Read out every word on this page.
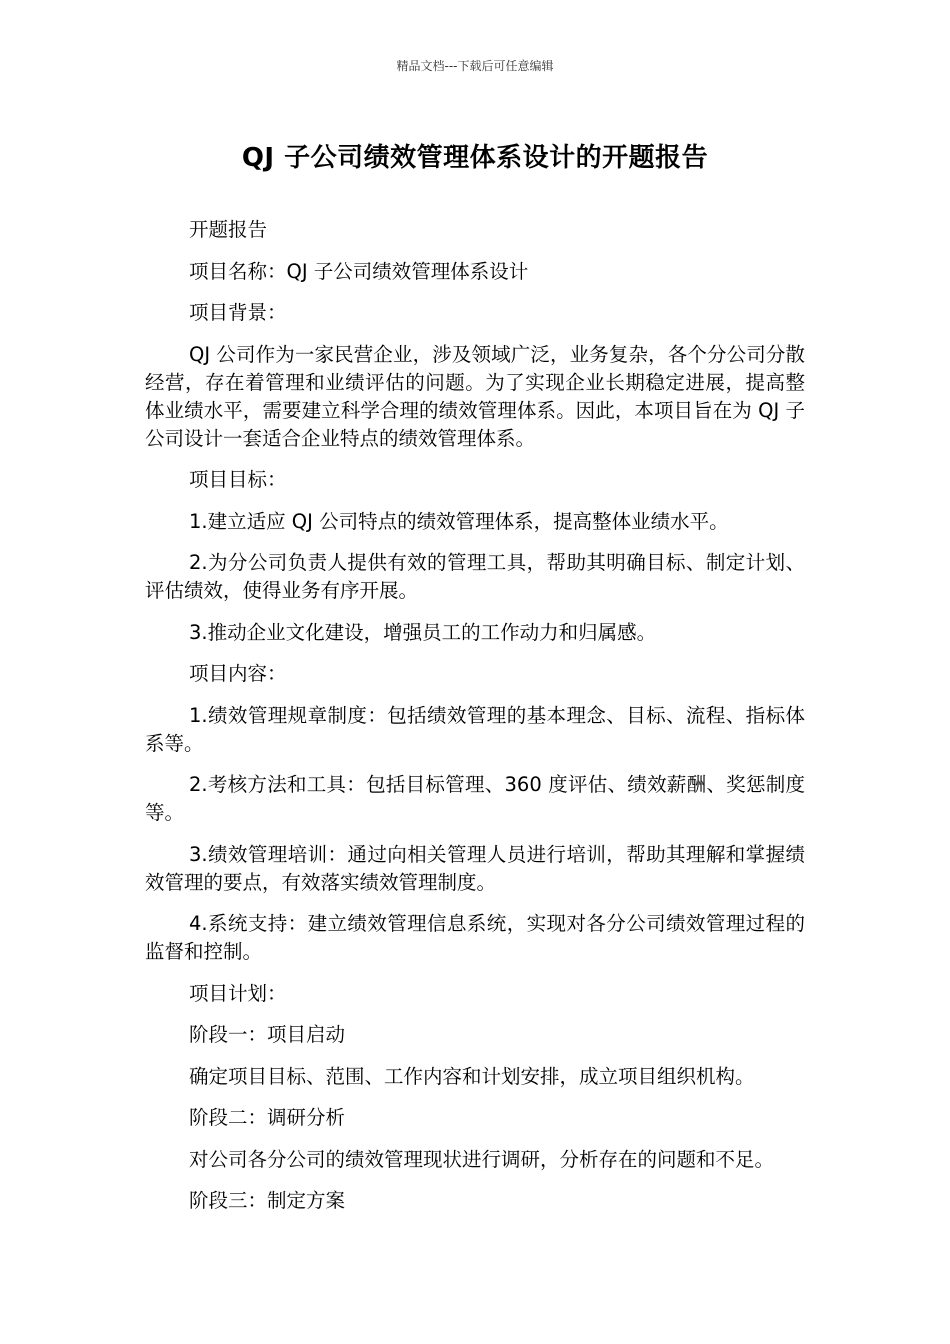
精品文档---下载后可任意编辑
QJ 子公司绩效管理体系设计的开题报告

开题报告

项目名称：QJ 子公司绩效管理体系设计

项目背景：

QJ 公司作为一家民营企业，涉及领域广泛，业务复杂，各个分公司分散经营，存在着管理和业绩评估的问题。为了实现企业长期稳定进展，提高整体业绩水平，需要建立科学合理的绩效管理体系。因此，本项目旨在为 QJ 子公司设计一套适合企业特点的绩效管理体系。

项目目标：

1.建立适应 QJ 公司特点的绩效管理体系，提高整体业绩水平。

2.为分公司负责人提供有效的管理工具，帮助其明确目标、制定计划、评估绩效，使得业务有序开展。

3.推动企业文化建设，增强员工的工作动力和归属感。

项目内容：

1.绩效管理规章制度：包括绩效管理的基本理念、目标、流程、指标体系等。

2.考核方法和工具：包括目标管理、360 度评估、绩效薪酬、奖惩制度等。

3.绩效管理培训：通过向相关管理人员进行培训，帮助其理解和掌握绩效管理的要点，有效落实绩效管理制度。

4.系统支持：建立绩效管理信息系统，实现对各分公司绩效管理过程的监督和控制。

项目计划：

阶段一：项目启动

确定项目目标、范围、工作内容和计划安排，成立项目组织机构。

阶段二：调研分析

对公司各分公司的绩效管理现状进行调研，分析存在的问题和不足。

阶段三：制定方案
